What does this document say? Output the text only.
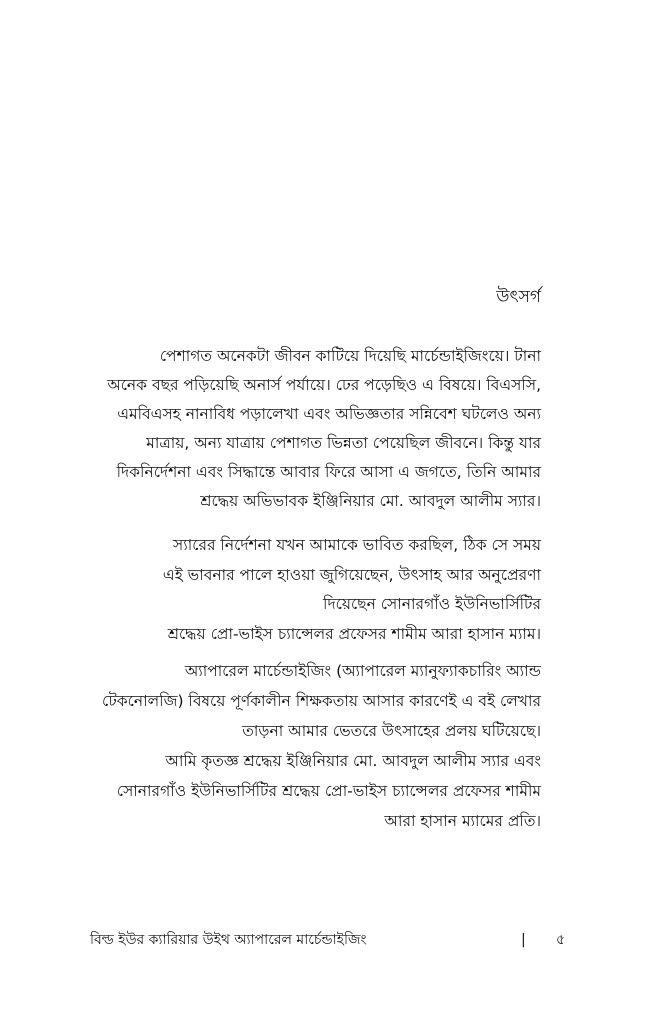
উৎসর্গ
পেশাগত অনেকটা জীবন কাটিয়ে দিয়েছি মার্চেন্ডাইজিংয়ে। টানা
অনেক বছর পড়িয়েছি অনার্স পর্যায়ে। ঢের পড়েছিও এ বিষয়ে। বিএসসি,
এমবিএসহ নানাবিধ পড়ালেখা এবং অভিজ্ঞতার সন্নিবেশ ঘটলেও অন্য
মাত্রায়, অন্য যাত্রায় পেশাগত ভিন্নতা পেয়েছিল জীবনে। কিন্তু যার
দিকনির্দেশনা এবং সিদ্ধান্তে আবার ফিরে আসা এ জগতে, তিনি আমার
শ্রদ্ধেয় অভিভাবক ইঞ্জিনিয়ার মো. আবদুল আলীম স্যার।
স্যারের নির্দেশনা যখন আমাকে ভাবিত করছিল, ঠিক সে সময়
এই ভাবনার পালে হাওয়া জুগিয়েছেন, উৎসাহ আর অনুপ্রেরণা
দিয়েছেন সোনারগাঁও ইউনিভার্সিটির
শ্রদ্ধেয় প্রো-ভাইস চ্যান্সেলর প্রফেসর শামীম আরা হাসান ম্যাম।
অ্যাপারেল মার্চেন্ডাইজিং (অ্যাপারেল ম্যানুফ্যাকচারিং অ্যান্ড
টেকনোলজি) বিষয়ে পূর্ণকালীন শিক্ষকতায় আসার কারণেই এ বই লেখার
তাড়না আমার ভেতরে উৎসাহের প্রলয় ঘটিয়েছে।
আমি কৃতজ্ঞ শ্রদ্ধেয় ইঞ্জিনিয়ার মো. আবদুল আলীম স্যার এবং
সোনারগাঁও ইউনিভার্সিটির শ্রদ্ধেয় প্রো-ভাইস চ্যান্সেলর প্রফেসর শামীম
আরা হাসান ম্যামের প্রতি।
বিল্ড ইউর ক্যারিয়ার উইথ অ্যাপারেল মার্চেন্ডাইজিং	| ৫
